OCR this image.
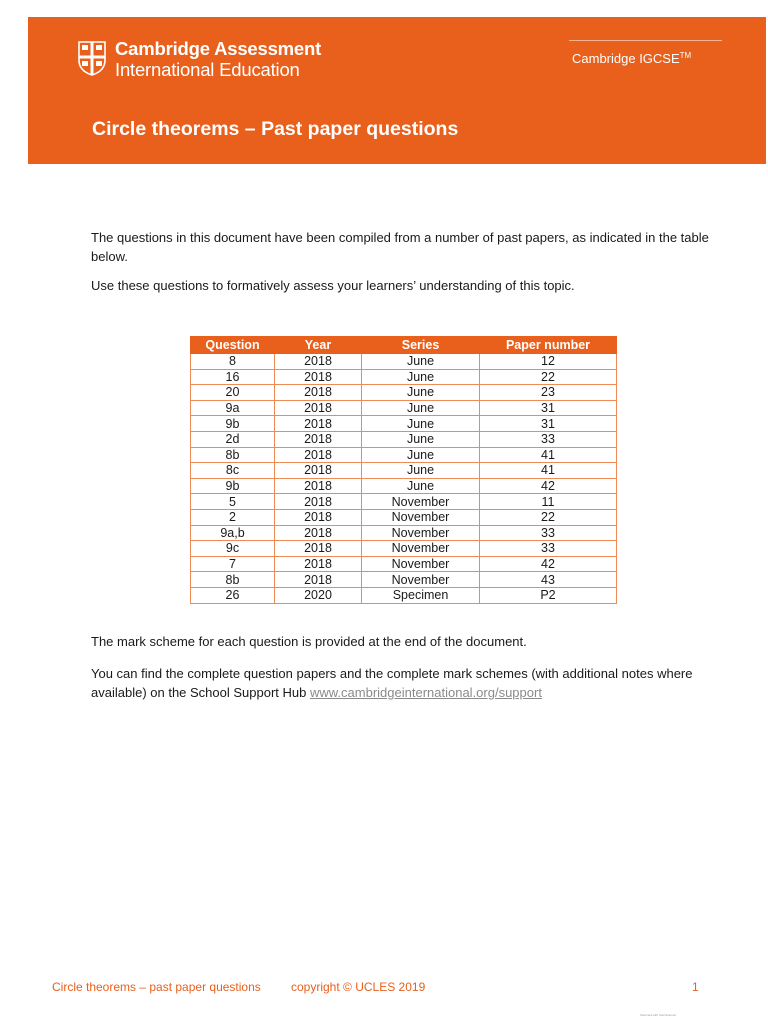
Cambridge Assessment
International Education
Cambridge IGCSE™
Circle theorems – Past paper questions

The questions in this document have been compiled from a number of past papers, as indicated in the table below.

Use these questions to formatively assess your learners’ understanding of this topic.

Question	Year	Series	Paper number
8	2018	June	12
16	2018	June	22
20	2018	June	23
9a	2018	June	31
9b	2018	June	31
2d	2018	June	33
8b	2018	June	41
8c	2018	June	41
9b	2018	June	42
5	2018	November	11
2	2018	November	22
9a,b	2018	November	33
9c	2018	November	33
7	2018	November	42
8b	2018	November	43
26	2020	Specimen	P2

The mark scheme for each question is provided at the end of the document.

You can find the complete question papers and the complete mark schemes (with additional notes where available) on the School Support Hub www.cambridgeinternational.org/support

Circle theorems – past paper questions	copyright © UCLES 2019	1
Scanned with CamScanner
